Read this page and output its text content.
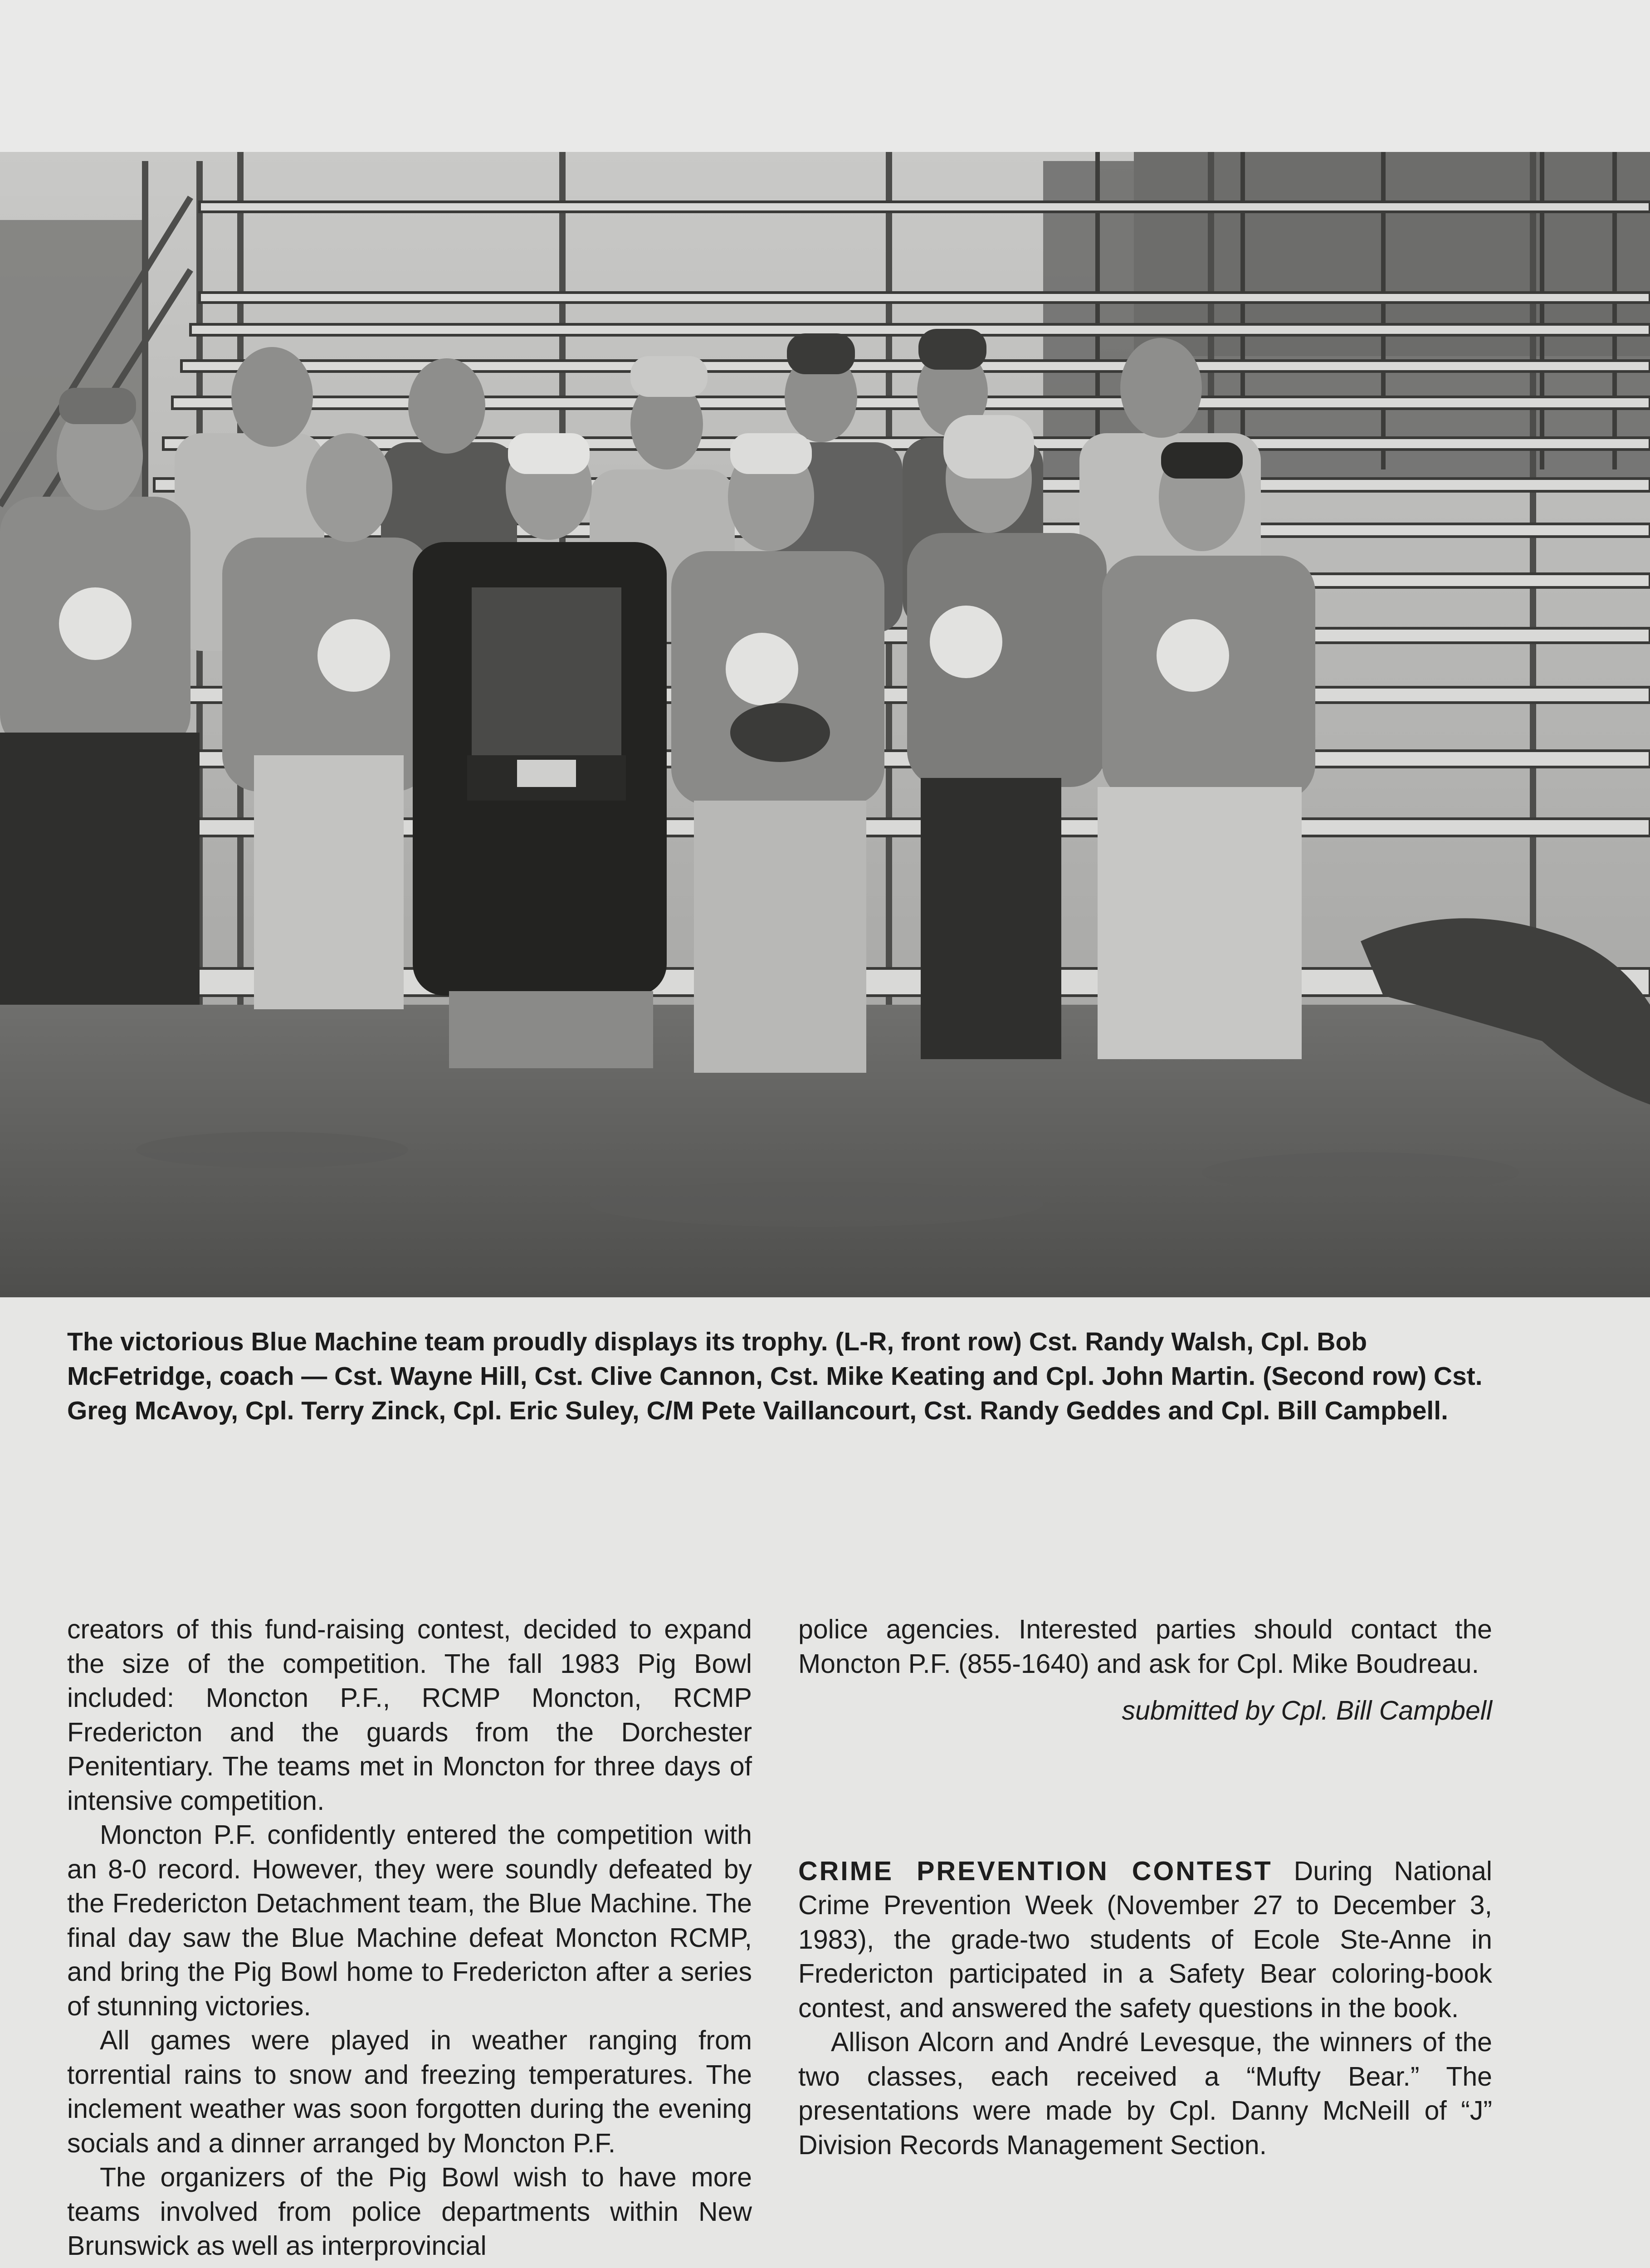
The victorious Blue Machine team proudly displays its trophy. (L-R, front row) Cst. Randy Walsh, Cpl. Bob McFetridge, coach — Cst. Wayne Hill, Cst. Clive Cannon, Cst. Mike Keating and Cpl. John Martin. (Second row) Cst. Greg McAvoy, Cpl. Terry Zinck, Cpl. Eric Suley, C/M Pete Vaillancourt, Cst. Randy Geddes and Cpl. Bill Campbell.

creators of this fund-raising contest, decided to expand the size of the competition. The fall 1983 Pig Bowl included: Moncton P.F., RCMP Moncton, RCMP Fredericton and the guards from the Dorchester Penitentiary. The teams met in Moncton for three days of intensive competition.

Moncton P.F. confidently entered the competition with an 8-0 record. However, they were soundly defeated by the Fredericton Detachment team, the Blue Machine. The final day saw the Blue Machine defeat Moncton RCMP, and bring the Pig Bowl home to Fredericton after a series of stunning victories.

All games were played in weather ranging from torrential rains to snow and freezing temperatures. The inclement weather was soon forgotten during the evening socials and a dinner arranged by Moncton P.F.

The organizers of the Pig Bowl wish to have more teams involved from police departments within New Brunswick as well as interprovincial

police agencies. Interested parties should contact the Moncton P.F. (855-1640) and ask for Cpl. Mike Boudreau.

submitted by Cpl. Bill Campbell

CRIME PREVENTION CONTEST During National Crime Prevention Week (November 27 to December 3, 1983), the grade-two students of Ecole Ste-Anne in Fredericton participated in a Safety Bear coloring-book contest, and answered the safety questions in the book.

Allison Alcorn and André Levesque, the winners of the two classes, each received a “Mufty Bear.” The presentations were made by Cpl. Danny McNeill of “J” Division Records Management Section.
